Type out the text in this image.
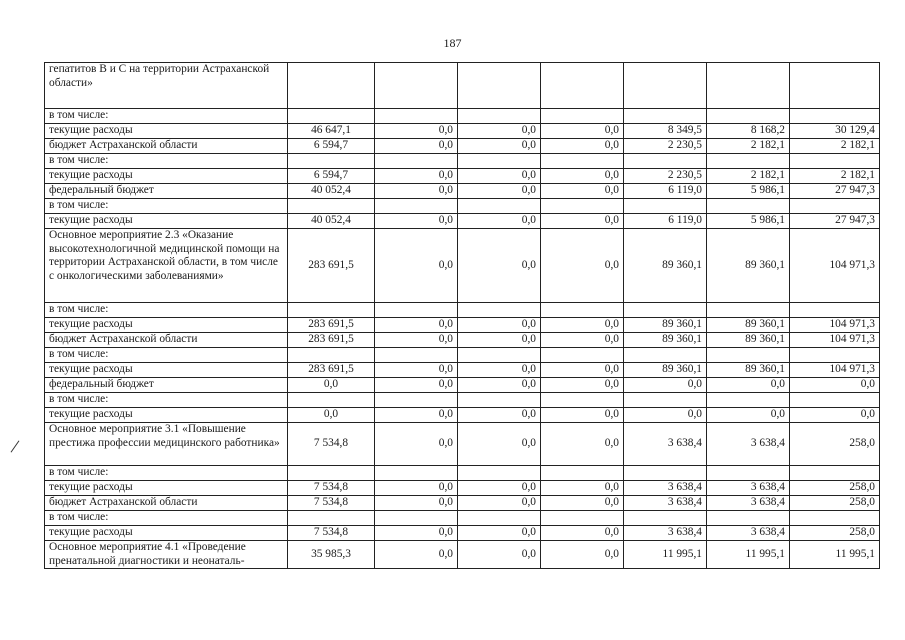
187
гепатитов В и С на территории Астраханской области»							
в том числе:							
текущие расходы	46 647,1	0,0	0,0	0,0	8 349,5	8 168,2	30 129,4
бюджет Астраханской области	6 594,7	0,0	0,0	0,0	2 230,5	2 182,1	2 182,1
в том числе:							
текущие расходы	6 594,7	0,0	0,0	0,0	2 230,5	2 182,1	2 182,1
федеральный бюджет	40 052,4	0,0	0,0	0,0	6 119,0	5 986,1	27 947,3
в том числе:							
текущие расходы	40 052,4	0,0	0,0	0,0	6 119,0	5 986,1	27 947,3
Основное мероприятие 2.3 «Оказание высокотехнологичной медицинской помощи на территории Астраханской области, в том числе с онкологическими заболеваниями»	283 691,5	0,0	0,0	0,0	89 360,1	89 360,1	104 971,3
в том числе:							
текущие расходы	283 691,5	0,0	0,0	0,0	89 360,1	89 360,1	104 971,3
бюджет Астраханской области	283 691,5	0,0	0,0	0,0	89 360,1	89 360,1	104 971,3
в том числе:							
текущие расходы	283 691,5	0,0	0,0	0,0	89 360,1	89 360,1	104 971,3
федеральный бюджет	0,0	0,0	0,0	0,0	0,0	0,0	0,0
в том числе:							
текущие расходы	0,0	0,0	0,0	0,0	0,0	0,0	0,0
Основное мероприятие 3.1 «Повышение престижа профессии медицинского работника»	7 534,8	0,0	0,0	0,0	3 638,4	3 638,4	258,0
в том числе:							
текущие расходы	7 534,8	0,0	0,0	0,0	3 638,4	3 638,4	258,0
бюджет Астраханской области	7 534,8	0,0	0,0	0,0	3 638,4	3 638,4	258,0
в том числе:							
текущие расходы	7 534,8	0,0	0,0	0,0	3 638,4	3 638,4	258,0
Основное мероприятие 4.1 «Проведение пренатальной диагностики и неонаталь-	35 985,3	0,0	0,0	0,0	11 995,1	11 995,1	11 995,1
